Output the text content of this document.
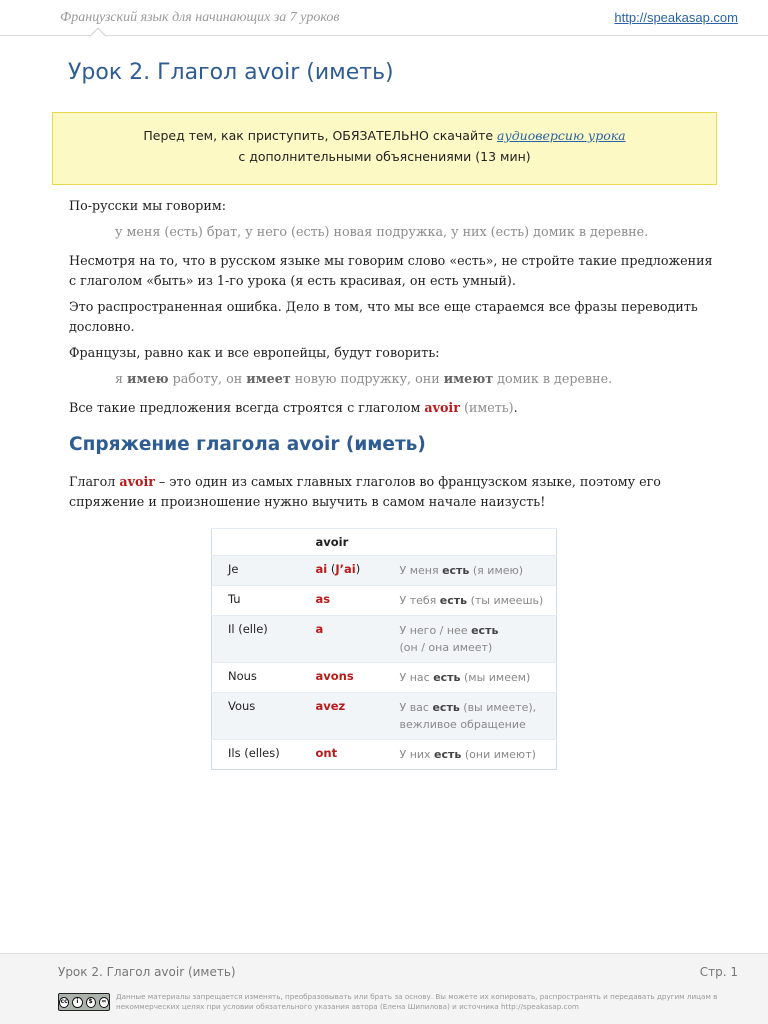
Французский язык для начинающих за 7 уроков	http://speakasap.com
Урок 2. Глагол avoir (иметь)
Перед тем, как приступить, ОБЯЗАТЕЛЬНО скачайте аудиоверсию урока
с дополнительными объяснениями (13 мин)

По-русски мы говорим:

у меня (есть) брат, у него (есть) новая подружка, у них (есть) домик в деревне.

Несмотря на то, что в русском языке мы говорим слово «есть», не стройте такие предложения с глаголом «быть» из 1-го урока (я есть красивая, он есть умный).

Это распространенная ошибка. Дело в том, что мы все еще стараемся все фразы переводить дословно.

Французы, равно как и все европейцы, будут говорить:

я имею работу, он имеет новую подружку, они имеют домик в деревне.

Все такие предложения всегда строятся с глаголом avoir (иметь).

Спряжение глагола avoir (иметь)

Глагол avoir – это один из самых главных глаголов во французском языке, поэтому его спряжение и произношение нужно выучить в самом начале наизусть!

	avoir	
Je	ai (J’ai)	У меня есть (я имею)
Tu	as	У тебя есть (ты имеешь)
Il (elle)	a	У него / нее есть
(он / она имеет)
Nous	avons	У нас есть (мы имеем)
Vous	avez	У вас есть (вы имеете),
вежливое обращение
Ils (elles)	ont	У них есть (они имеют)
Урок 2. Глагол avoir (иметь)	Стр. 1
cc	i	$	=	Данные материалы запрещается изменять, преобразовывать или брать за основу. Вы можете их копировать, распространять и передавать другим лицам в некоммерческих целях при условии обязательного указания автора (Елена Шипилова) и источника http://speakasap.com
